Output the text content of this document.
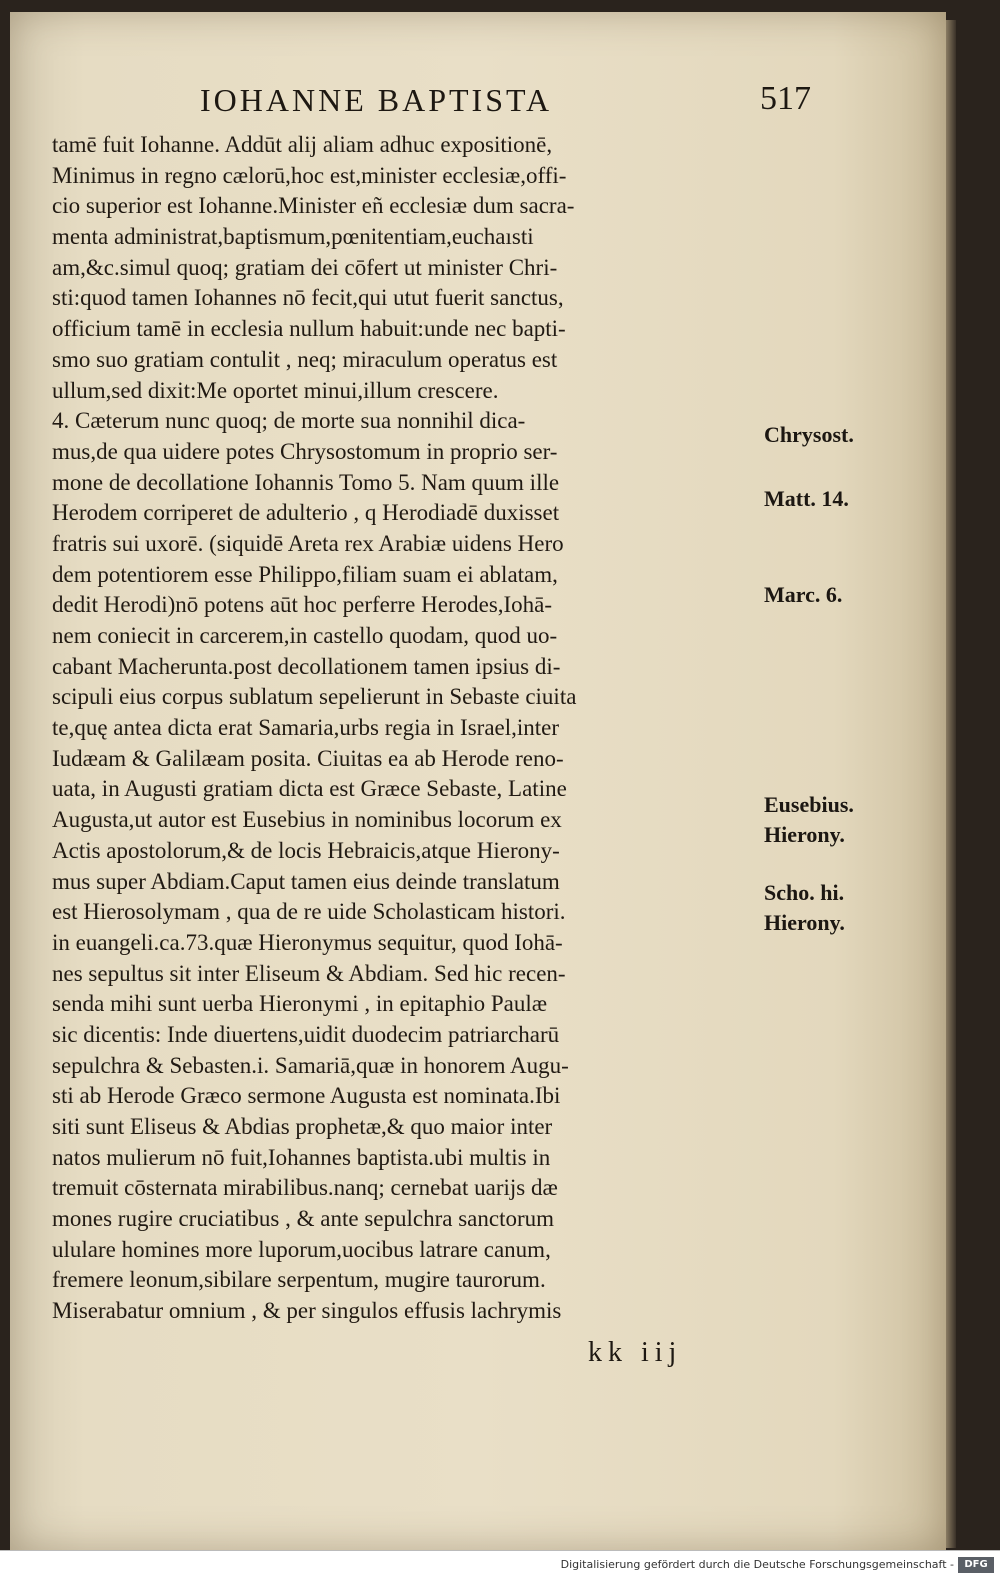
IOHANNE BAPTISTA	517
tamē fuit Iohanne. Addūt alij aliam adhuc expositionē,
Minimus in regno cælorū,hoc est,minister ecclesiæ,offi-
cio superior est Iohanne.Minister eñ ecclesiæ dum sacra-
menta administrat,baptismum,pœnitentiam,euchaısti
am,&c.simul quoq; gratiam dei cōfert ut minister Chri-
sti:quod tamen Iohannes nō fecit,qui utut fuerit sanctus,
officium tamē in ecclesia nullum habuit:unde nec bapti-
smo suo gratiam contulit , neq; miraculum operatus est
ullum,sed dixit:Me oportet minui,illum crescere.
4. Cæterum nunc quoq; de morte sua nonnihil dica-
mus,de qua uidere potes Chrysostomum in proprio ser-
mone de decollatione Iohannis Tomo 5. Nam quum ille
Herodem corriperet de adulterio , q Herodiadē duxisset
fratris sui uxorē. (siquidē Areta rex Arabiæ uidens Hero
dem potentiorem esse Philippo,filiam suam ei ablatam,
dedit Herodi)nō potens aūt hoc perferre Herodes,Iohā-
nem coniecit in carcerem,in castello quodam, quod uo-
cabant Macherunta.post decollationem tamen ipsius di-
scipuli eius corpus sublatum sepelierunt in Sebaste ciuita
te,quę antea dicta erat Samaria,urbs regia in Israel,inter
Iudæam & Galilæam posita. Ciuitas ea ab Herode reno-
uata, in Augusti gratiam dicta est Græce Sebaste, Latine
Augusta,ut autor est Eusebius in nominibus locorum ex
Actis apostolorum,& de locis Hebraicis,atque Hierony-
mus super Abdiam.Caput tamen eius deinde translatum
est Hierosolymam , qua de re uide Scholasticam histori.
in euangeli.ca.73.quæ Hieronymus sequitur, quod Iohā-
nes sepultus sit inter Eliseum & Abdiam. Sed hic recen-
senda mihi sunt uerba Hieronymi , in epitaphio Paulæ
sic dicentis: Inde diuertens,uidit duodecim patriarcharū
sepulchra & Sebasten.i. Samariā,quæ in honorem Augu-
sti ab Herode Græco sermone Augusta est nominata.Ibi
siti sunt Eliseus & Abdias prophetæ,& quo maior inter
natos mulierum nō fuit,Iohannes baptista.ubi multis in
tremuit cōsternata mirabilibus.nanq; cernebat uarijs dæ
mones rugire cruciatibus , & ante sepulchra sanctorum
ululare homines more luporum,uocibus latrare canum,
fremere leonum,sibilare serpentum, mugire taurorum.
Miserabatur omnium , & per singulos effusis lachrymis
Chrysost.
Matt. 14.
Marc. 6.
Eusebius.
Hierony.
Scho. hi.
Hierony.
kk iij
Digitalisierung gefördert durch die Deutsche Forschungsgemeinschaft -	DFG
